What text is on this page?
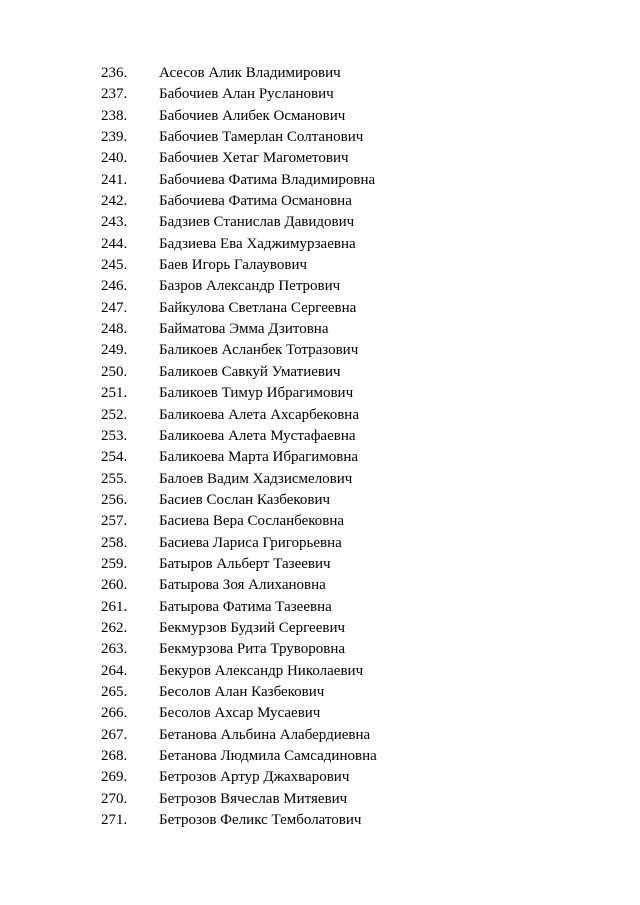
236.	Асесов Алик Владимирович
237.	Бабочиев Алан Русланович
238.	Бабочиев Алибек Османович
239.	Бабочиев Тамерлан Солтанович
240.	Бабочиев Хетаг Магометович
241.	Бабочиева Фатима Владимировна
242.	Бабочиева Фатима Османовна
243.	Бадзиев Станислав Давидович
244.	Бадзиева Ева Хаджимурзаевна
245.	Баев Игорь Галаувович
246.	Базров Александр Петрович
247.	Байкулова Светлана Сергеевна
248.	Байматова Эмма Дзитовна
249.	Баликоев Асланбек Тотразович
250.	Баликоев Савкуй Уматиевич
251.	Баликоев Тимур Ибрагимович
252.	Баликоева Алета Ахсарбековна
253.	Баликоева Алета Мустафаевна
254.	Баликоева Марта Ибрагимовна
255.	Балоев Вадим Хадзисмелович
256.	Басиев Сослан Казбекович
257.	Басиева Вера Сосланбековна
258.	Басиева Лариса Григорьевна
259.	Батыров Альберт Тазеевич
260.	Батырова Зоя Алихановна
261.	Батырова Фатима Тазеевна
262.	Бекмурзов Будзий Сергеевич
263.	Бекмурзова Рита Труворовна
264.	Бекуров Александр Николаевич
265.	Бесолов Алан Казбекович
266.	Бесолов Ахсар Мусаевич
267.	Бетанова Альбина Алабердиевна
268.	Бетанова Людмила Самсадиновна
269.	Бетрозов Артур Джахварович
270.	Бетрозов Вячеслав Митяевич
271.	Бетрозов Феликс Темболатович
